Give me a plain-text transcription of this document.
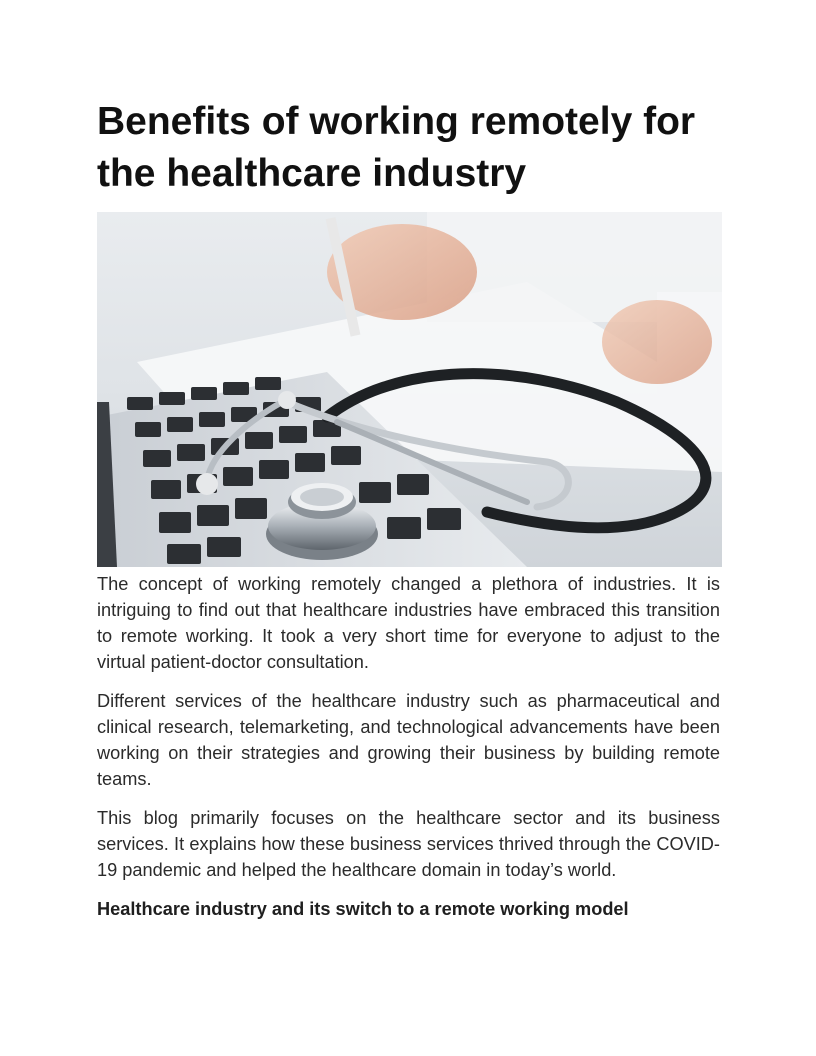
Benefits of working remotely for the healthcare industry

The concept of working remotely changed a plethora of industries. It is intriguing to find out that healthcare industries have embraced this transition to remote working. It took a very short time for everyone to adjust to the virtual patient-doctor consultation.

Different services of the healthcare industry such as pharmaceutical and clinical research, telemarketing, and technological advancements have been working on their strategies and growing their business by building remote teams.

This blog primarily focuses on the healthcare sector and its business services. It explains how these business services thrived through the COVID-19 pandemic and helped the healthcare domain in today’s world.

Healthcare industry and its switch to a remote working model
